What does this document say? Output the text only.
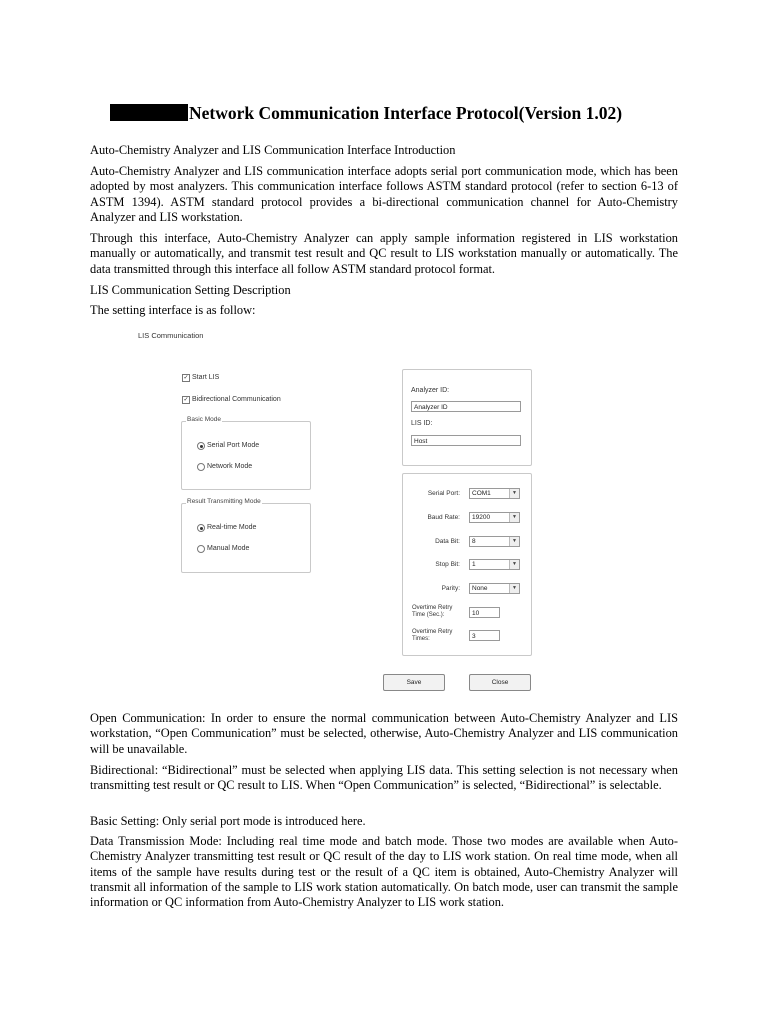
Network Communication Interface Protocol(Version 1.02)

Auto-Chemistry Analyzer and LIS Communication Interface Introduction

Auto-Chemistry Analyzer and LIS communication interface adopts serial port communication mode, which has been adopted by most analyzers. This communication interface follows ASTM standard protocol (refer to section 6-13 of ASTM 1394). ASTM standard protocol provides a bi-directional communication channel for Auto-Chemistry Analyzer and LIS workstation.

Through this interface, Auto-Chemistry Analyzer can apply sample information registered in LIS workstation manually or automatically, and transmit test result and QC result to LIS workstation manually or automatically. The data transmitted through this interface all follow ASTM standard protocol format.

LIS Communication Setting Description

The setting interface is as follow:

LIS Communication
✓ Start LIS
✓ Bidirectional Communication
Basic Mode
Serial Port Mode
Network Mode
Result Transmitting Mode
Real-time Mode
Manual Mode
Analyzer ID:
Analyzer ID
LIS ID:
Host
Serial Port:	COM1	▼
Baud Rate:	19200	▼
Data Bit:	8	▼
Stop Bit:	1	▼
Parity:	None	▼
Overtime Retry Time (Sec.):	10
Overtime Retry Times:	3
Save	Close

Open Communication: In order to ensure the normal communication between Auto-Chemistry Analyzer and LIS workstation, “Open Communication” must be selected, otherwise, Auto-Chemistry Analyzer and LIS communication will be unavailable.

Bidirectional: “Bidirectional” must be selected when applying LIS data. This setting selection is not necessary when transmitting test result or QC result to LIS. When “Open Communication” is selected, “Bidirectional” is selectable.

Basic Setting: Only serial port mode is introduced here.

Data Transmission Mode: Including real time mode and batch mode. Those two modes are available when Auto-Chemistry Analyzer transmitting test result or QC result of the day to LIS work station. On real time mode, when all items of the sample have results during test or the result of a QC item is obtained, Auto-Chemistry Analyzer will transmit all information of the sample to LIS work station automatically. On batch mode, user can transmit the sample information or QC information from Auto-Chemistry Analyzer to LIS work station.
